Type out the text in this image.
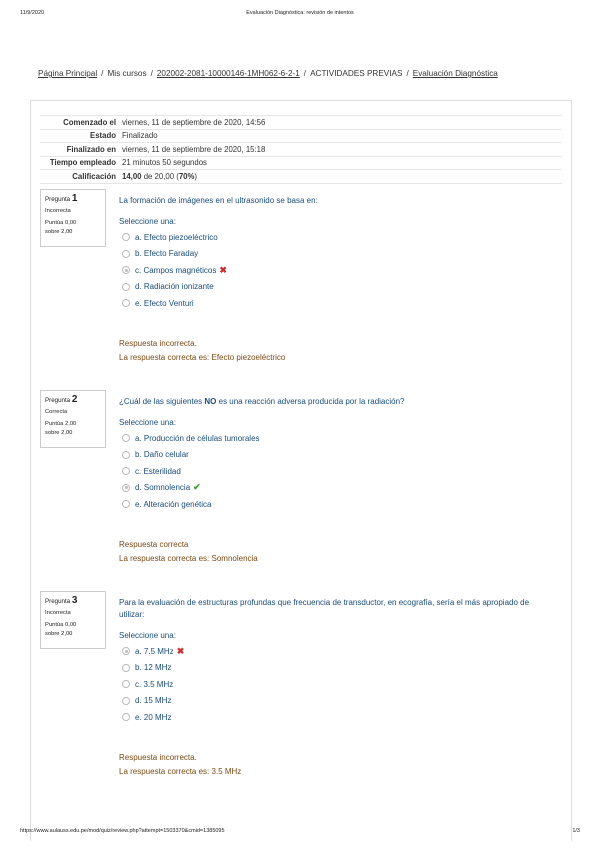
11/9/2020	Evaluación Diagnóstica: revisión de intentos
Página Principal / Mis cursos / 202002-2081-10000146-1MH062-6-2-1 / ACTIVIDADES PREVIAS / Evaluación Diagnóstica
Comenzado el	viernes, 11 de septiembre de 2020, 14:56
Estado	Finalizado
Finalizado en	viernes, 11 de septiembre de 2020, 15:18
Tiempo empleado	21 minutos 50 segundos
Calificación	14,00 de 20,00 (70%)
Pregunta 1
Incorrecta
Puntúa 0,00
sobre 2,00
La formación de imágenes en el ultrasonido se basa en:
Seleccione una:
a. Efecto piezoeléctrico
b. Efecto Faraday
c. Campos magnéticos ✖
d. Radiación ionizante
e. Efecto Venturi
Respuesta incorrecta.
La respuesta correcta es: Efecto piezoeléctrico
Pregunta 2
Correcta
Puntúa 2,00
sobre 2,00
¿Cuál de las siguientes NO es una reacción adversa producida por la radiación?
Seleccione una:
a. Producción de células tumorales
b. Daño celular
c. Esterilidad
d. Somnolencia ✔
e. Alteración genética
Respuesta correcta
La respuesta correcta es: Somnolencia
Pregunta 3
Incorrecta
Puntúa 0,00
sobre 2,00
Para la evaluación de estructuras profundas que frecuencia de transductor, en ecografía, sería el más apropiado de utilizar:
Seleccione una:
a. 7.5 MHz ✖
b. 12 MHz
c. 3.5 MHz
d. 15 MHz
e. 20 MHz
Respuesta incorrecta.
La respuesta correcta es: 3.5 MHz
https://www.aulauss.edu.pe/mod/quiz/review.php?attempt=1503370&cmid=1385095	1/3
